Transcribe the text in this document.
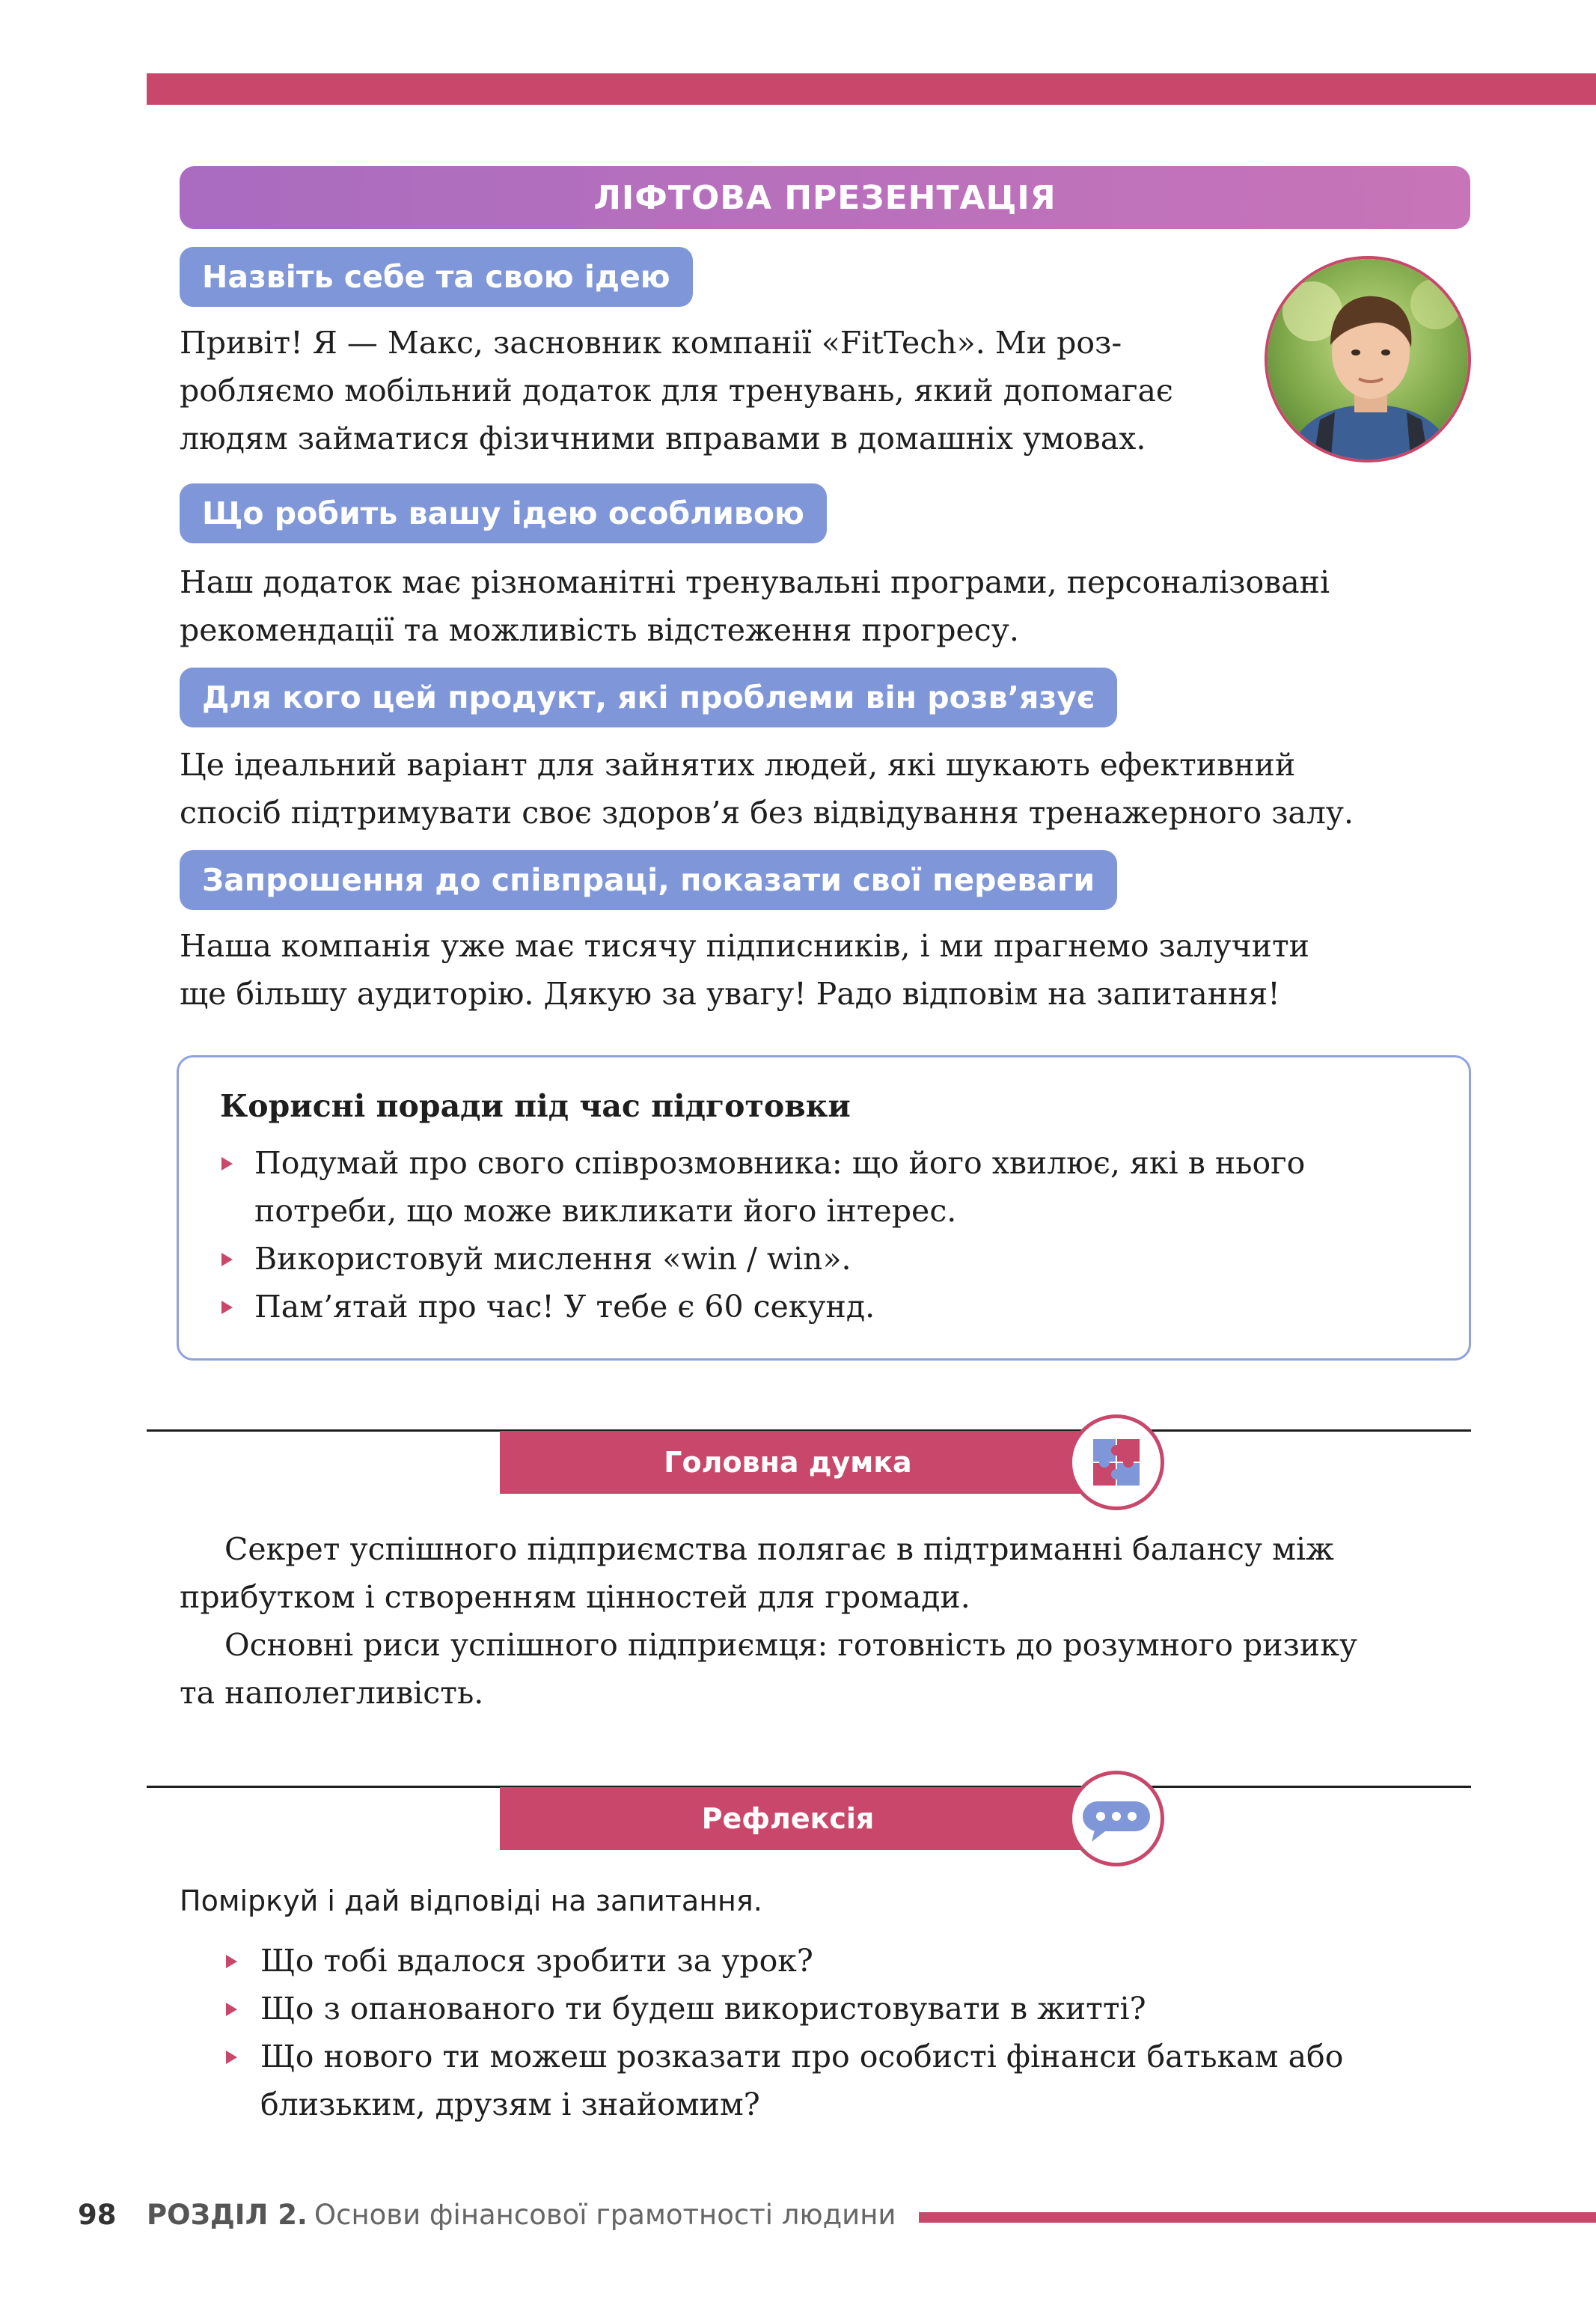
ЛІФТОВА ПРЕЗЕНТАЦІЯ
Назвіть себе та свою ідею
Привіт! Я — Макс, засновник компанії «FitTech». Ми роз-
робляємо мобільний додаток для тренувань, який допомагає
людям займатися фізичними вправами в домашніх умовах.
Що робить вашу ідею особливою
Наш додаток має різноманітні тренувальні програми, персоналізовані
рекомендації та можливість відстеження прогресу.
Для кого цей продукт, які проблеми він розв’язує
Це ідеальний варіант для зайнятих людей, які шукають ефективний
спосіб підтримувати своє здоров’я без відвідування тренажерного залу.
Запрошення до співпраці, показати свої переваги
Наша компанія уже має тисячу підписників, і ми прагнемо залучити
ще більшу аудиторію. Дякую за увагу! Радо відповім на запитання!
Корисні поради під час підготовки
Подумай про свого співрозмовника: що його хвилює, які в нього
потреби, що може викликати його інтерес.
Використовуй мислення «win / win».
Пам’ятай про час! У тебе є 60 секунд.
Головна думка
Секрет успішного підприємства полягає в підтриманні балансу між
прибутком і створенням цінностей для громади.
Основні риси успішного підприємця: готовність до розумного ризику
та наполегливість.
Рефлексія
Поміркуй і дай відповіді на запитання.
Що тобі вдалося зробити за урок?
Що з опанованого ти будеш використовувати в житті?
Що нового ти можеш розказати про особисті фінанси батькам або
близьким, друзям і знайомим?
98 РОЗДІЛ 2. Основи фінансової грамотності людини
